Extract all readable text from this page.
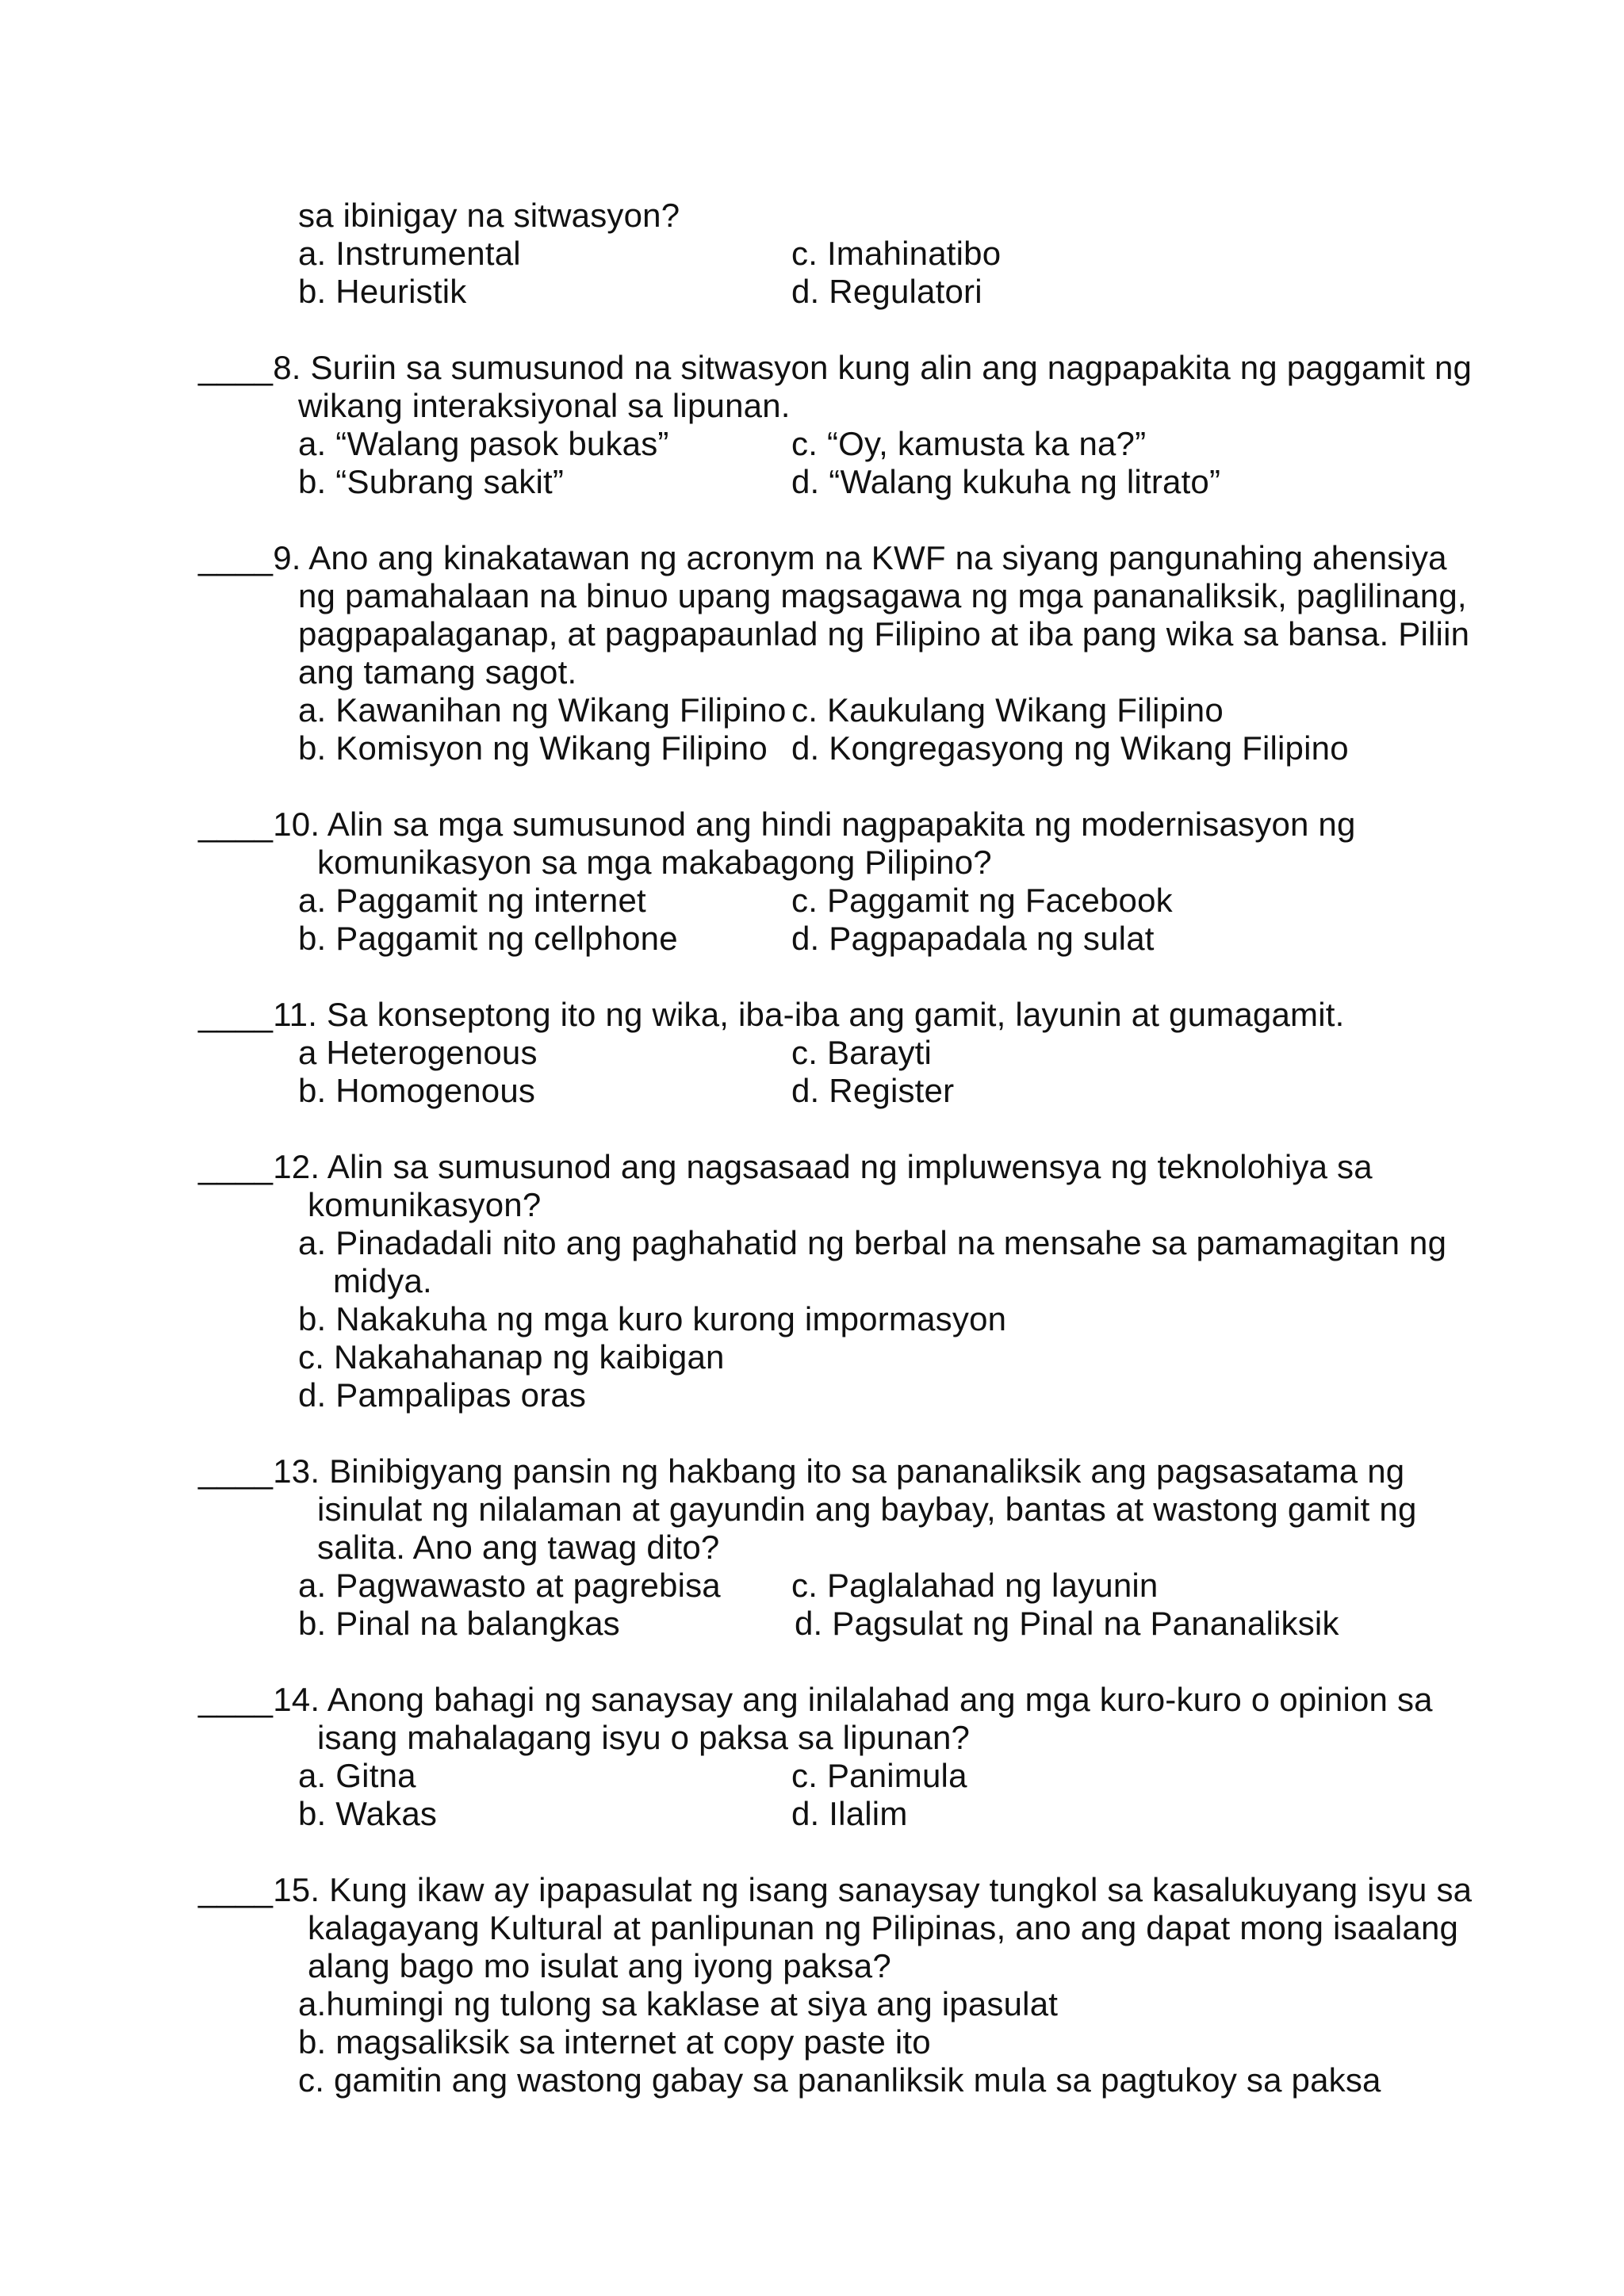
sa ibinigay na sitwasyon?
a. Instrumental	c. Imahinatibo
b. Heuristik	d. Regulatori
____8. Suriin sa sumusunod na sitwasyon kung alin ang nagpapakita ng paggamit ng
wikang interaksiyonal sa lipunan.
a. “Walang pasok bukas”	c. “Oy, kamusta ka na?”
b. “Subrang sakit”	d. “Walang kukuha ng litrato”
____9. Ano ang kinakatawan ng acronym na KWF na siyang pangunahing ahensiya
ng pamahalaan na binuo upang magsagawa ng mga pananaliksik, paglilinang,
pagpapalaganap, at pagpapaunlad ng Filipino at iba pang wika sa bansa. Piliin
ang tamang sagot.
a. Kawanihan ng Wikang Filipino c. Kaukulang Wikang Filipino
b. Komisyon ng Wikang Filipino d. Kongregasyong ng Wikang Filipino
____10. Alin sa mga sumusunod ang hindi nagpapakita ng modernisasyon ng
komunikasyon sa mga makabagong Pilipino?
a. Paggamit ng internet	c. Paggamit ng Facebook
b. Paggamit ng cellphone	d. Pagpapadala ng sulat
____11. Sa konseptong ito ng wika, iba-iba ang gamit, layunin at gumagamit.
a Heterogenous	c. Barayti
b. Homogenous	d. Register
____12. Alin sa sumusunod ang nagsasaad ng impluwensya ng teknolohiya sa
komunikasyon?
a. Pinadadali nito ang paghahatid ng berbal na mensahe sa pamamagitan ng
midya.
b. Nakakuha ng mga kuro kurong impormasyon
c. Nakahahanap ng kaibigan
d. Pampalipas oras
____13. Binibigyang pansin ng hakbang ito sa pananaliksik ang pagsasatama ng
isinulat ng nilalaman at gayundin ang baybay, bantas at wastong gamit ng
salita. Ano ang tawag dito?
a. Pagwawasto at pagrebisa c. Paglalahad ng layunin
b. Pinal na balangkas	d. Pagsulat ng Pinal na Pananaliksik
____14. Anong bahagi ng sanaysay ang inilalahad ang mga kuro-kuro o opinion sa
isang mahalagang isyu o paksa sa lipunan?
a. Gitna	c. Panimula
b. Wakas	d. Ilalim
____15. Kung ikaw ay ipapasulat ng isang sanaysay tungkol sa kasalukuyang isyu sa
kalagayang Kultural at panlipunan ng Pilipinas, ano ang dapat mong isaalang
alang bago mo isulat ang iyong paksa?
a.humingi ng tulong sa kaklase at siya ang ipasulat
b. magsaliksik sa internet at copy paste ito
c. gamitin ang wastong gabay sa pananliksik mula sa pagtukoy sa paksa
